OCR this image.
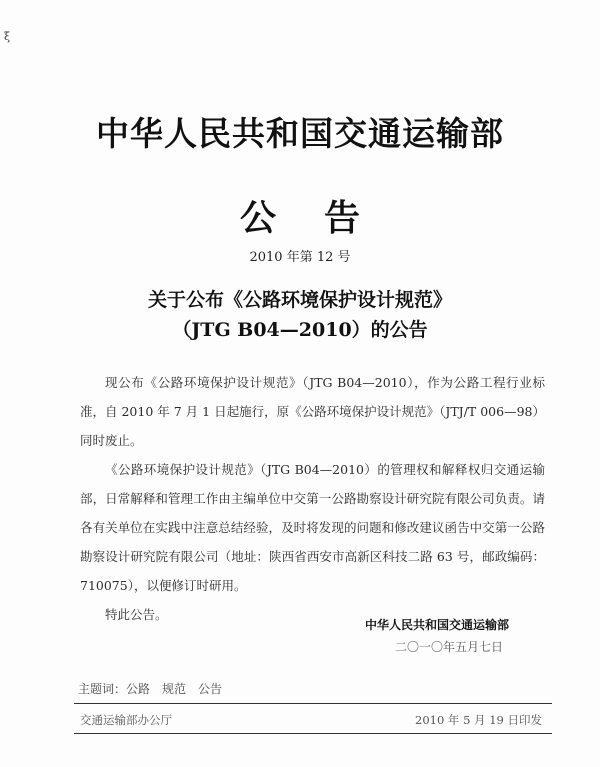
ξ
中华人民共和国交通运输部
公告
2010 年第 12 号
关于公布《公路环境保护设计规范》
（JTG B04—2010）的公告

现公布《公路环境保护设计规范》（JTG B04—2010），作为公路工程行业标准，自 2010 年 7 月 1 日起施行，原《公路环境保护设计规范》（JTJ/T 006—98）同时废止。

《公路环境保护设计规范》（JTG B04—2010）的管理权和解释权归交通运输部，日常解释和管理工作由主编单位中交第一公路勘察设计研究院有限公司负责。请各有关单位在实践中注意总结经验，及时将发现的问题和修改建议函告中交第一公路勘察设计研究院有限公司（地址：陕西省西安市高新区科技二路 63 号，邮政编码：710075），以便修订时研用。

特此公告。

中华人民共和国交通运输部
二〇一〇年五月七日
主题词：公路　规范　公告
交通运输部办公厅	2010 年 5 月 19 日印发
